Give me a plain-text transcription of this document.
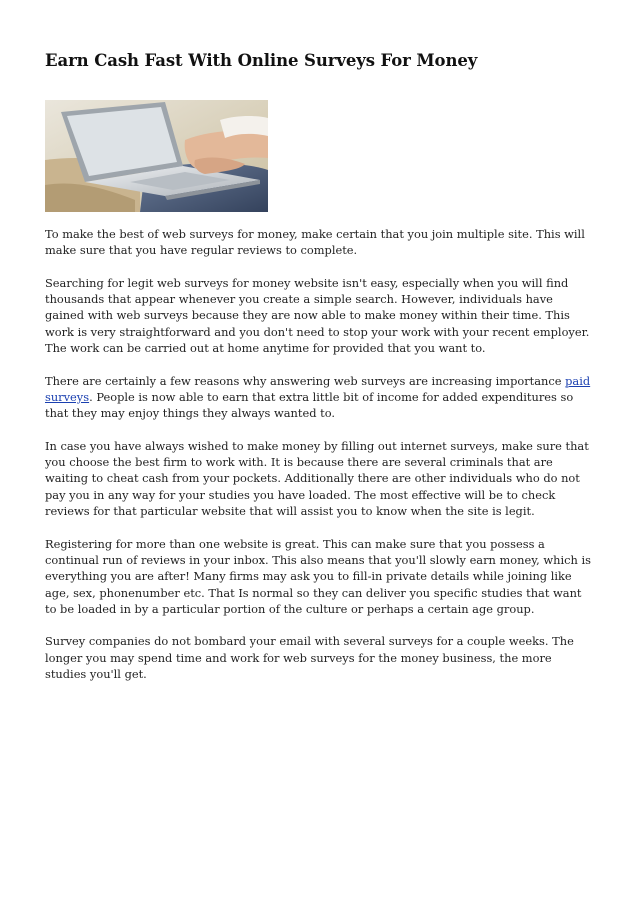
Earn Cash Fast With Online Surveys For Money

To make the best of web surveys for money, make certain that you join multiple site. This will make sure that you have regular reviews to complete.

Searching for legit web surveys for money website isn't easy, especially when you will find thousands that appear whenever you create a simple search. However, individuals have gained with web surveys because they are now able to make money within their time. This work is very straightforward and you don't need to stop your work with your recent employer. The work can be carried out at home anytime for provided that you want to.

There are certainly a few reasons why answering web surveys are increasing importance paid surveys. People is now able to earn that extra little bit of income for added expenditures so that they may enjoy things they always wanted to.

In case you have always wished to make money by filling out internet surveys, make sure that you choose the best firm to work with. It is because there are several criminals that are waiting to cheat cash from your pockets. Additionally there are other individuals who do not pay you in any way for your studies you have loaded. The most effective will be to check reviews for that particular website that will assist you to know when the site is legit.

Registering for more than one website is great. This can make sure that you possess a continual run of reviews in your inbox. This also means that you'll slowly earn money, which is everything you are after! Many firms may ask you to fill-in private details while joining like age, sex, phonenumber etc. That Is normal so they can deliver you specific studies that want to be loaded in by a particular portion of the culture or perhaps a certain age group.

Survey companies do not bombard your email with several surveys for a couple weeks. The longer you may spend time and work for web surveys for the money business, the more studies you'll get.
